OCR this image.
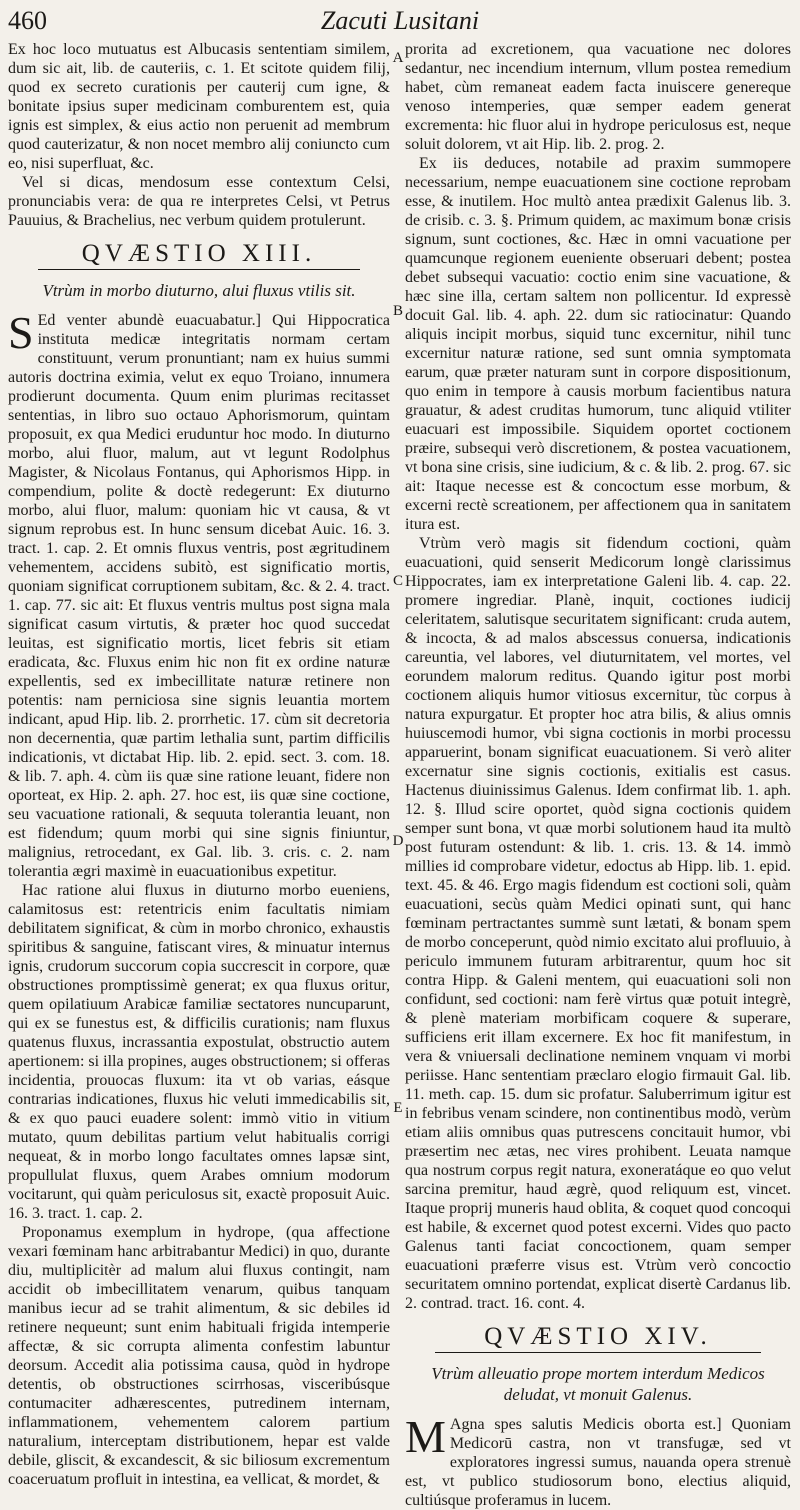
460	Zacuti Lusitani

Ex hoc loco mutuatus est Albucasis sententiam similem, dum sic ait, lib. de cauteriis, c. 1. Et scitote quidem filij, quod ex secreto curationis per cauterij cum igne, & bonitate ipsius super medicinam comburentem est, quia ignis est simplex, & eius actio non peruenit ad membrum quod cauterizatur, & non nocet membro alij coniuncto cum eo, nisi superfluat, &c.

Vel si dicas, mendosum esse contextum Celsi, pronunciabis vera: de qua re interpretes Celsi, vt Petrus Pauuius, & Brachelius, nec verbum quidem protulerunt.

QVÆSTIO XIII.
Vtrùm in morbo diuturno, alui fluxus vtilis sit.

S Ed venter abundè euacuabatur.] Qui Hippocratica instituta medicæ integritatis normam certam constituunt, verum pronuntiant; nam ex huius summi autoris doctrina eximia, velut ex equo Troiano, innumera prodierunt documenta. Quum enim plurimas recitasset sententias, in libro suo octauo Aphorismorum, quintam proposuit, ex qua Medici eruduntur hoc modo. In diuturno morbo, alui fluor, malum, aut vt legunt Rodolphus Magister, & Nicolaus Fontanus, qui Aphorismos Hipp. in compendium, polite & doctè redegerunt: Ex diuturno morbo, alui fluor, malum: quoniam hic vt causa, & vt signum reprobus est. In hunc sensum dicebat Auic. 16. 3. tract. 1. cap. 2. Et omnis fluxus ventris, post ægritudinem vehementem, accidens subitò, est significatio mortis, quoniam significat corruptionem subitam, &c. & 2. 4. tract. 1. cap. 77. sic ait: Et fluxus ventris multus post signa mala significat casum virtutis, & præter hoc quod succedat leuitas, est significatio mortis, licet febris sit etiam eradicata, &c. Fluxus enim hic non fit ex ordine naturæ expellentis, sed ex imbecillitate naturæ retinere non potentis: nam perniciosa sine signis leuantia mortem indicant, apud Hip. lib. 2. prorrhetic. 17. cùm sit decretoria non decernentia, quæ partim lethalia sunt, partim difficilis indicationis, vt dictabat Hip. lib. 2. epid. sect. 3. com. 18. & lib. 7. aph. 4. cùm iis quæ sine ratione leuant, fidere non oporteat, ex Hip. 2. aph. 27. hoc est, iis quæ sine coctione, seu vacuatione rationali, & sequuta tolerantia leuant, non est fidendum; quum morbi qui sine signis finiuntur, malignius, retrocedant, ex Gal. lib. 3. cris. c. 2. nam tolerantia ægri maximè in euacuationibus expetitur.

Hac ratione alui fluxus in diuturno morbo eueniens, calamitosus est: retentricis enim facultatis nimiam debilitatem significat, & cùm in morbo chronico, exhaustis spiritibus & sanguine, fatiscant vires, & minuatur internus ignis, crudorum succorum copia succrescit in corpore, quæ obstructiones promptissimè generat; ex qua fluxus oritur, quem opilatiuum Arabicæ familiæ sectatores nuncuparunt, qui ex se funestus est, & difficilis curationis; nam fluxus quatenus fluxus, incrassantia expostulat, obstructio autem apertionem: si illa propines, auges obstructionem; si offeras incidentia, prouocas fluxum: ita vt ob varias, eásque contrarias indicationes, fluxus hic veluti immedicabilis sit, & ex quo pauci euadere solent: immò vitio in vitium mutato, quum debilitas partium velut habitualis corrigi nequeat, & in morbo longo facultates omnes lapsæ sint, propullulat fluxus, quem Arabes omnium modorum vocitarunt, qui quàm periculosus sit, exactè proposuit Auic. 16. 3. tract. 1. cap. 2.

Proponamus exemplum in hydrope, (qua affectione vexari fœminam hanc arbitrabantur Medici) in quo, durante diu, multiplicitèr ad malum alui fluxus contingit, nam accidit ob imbecillitatem venarum, quibus tanquam manibus iecur ad se trahit alimentum, & sic debiles id retinere nequeunt; sunt enim habituali frigida intemperie affectæ, & sic corrupta alimenta confestim labuntur deorsum. Accedit alia potissima causa, quòd in hydrope detentis, ob obstructiones scirrhosas, visceribúsque contumaciter adhærescentes, putredinem internam, inflammationem, vehementem calorem partium naturalium, interceptam distributionem, hepar est valde debile, gliscit, & excandescit, & sic biliosum excrementum coaceruatum profluit in intestina, ea vellicat, & mordet, &

A
B
C
D
E

prorita ad excretionem, qua vacuatione nec dolores sedantur, nec incendium internum, vllum postea remedium habet, cùm remaneat eadem facta inuiscere genereque venoso intemperies, quæ semper eadem generat excrementa: hic fluor alui in hydrope periculosus est, neque soluit dolorem, vt ait Hip. lib. 2. prog. 2.

Ex iis deduces, notabile ad praxim summopere necessarium, nempe euacuationem sine coctione reprobam esse, & inutilem. Hoc multò antea prædixit Galenus lib. 3. de crisib. c. 3. §. Primum quidem, ac maximum bonæ crisis signum, sunt coctiones, &c. Hæc in omni vacuatione per quamcunque regionem eueniente obseruari debent; postea debet subsequi vacuatio: coctio enim sine vacuatione, & hæc sine illa, certam saltem non pollicentur. Id expressè docuit Gal. lib. 4. aph. 22. dum sic ratiocinatur: Quando aliquis incipit morbus, siquid tunc excernitur, nihil tunc excernitur naturæ ratione, sed sunt omnia symptomata earum, quæ præter naturam sunt in corpore dispositionum, quo enim in tempore à causis morbum facientibus natura grauatur, & adest cruditas humorum, tunc aliquid vtiliter euacuari est impossibile. Siquidem oportet coctionem præire, subsequi verò discretionem, & postea vacuationem, vt bona sine crisis, sine iudicium, & c. & lib. 2. prog. 67. sic ait: Itaque necesse est & concoctum esse morbum, & excerni rectè screationem, per affectionem qua in sanitatem itura est.

Vtrùm verò magis sit fidendum coctioni, quàm euacuationi, quid senserit Medicorum longè clarissimus Hippocrates, iam ex interpretatione Galeni lib. 4. cap. 22. promere ingrediar. Planè, inquit, coctiones iudicij celeritatem, salutisque securitatem significant: cruda autem, & incocta, & ad malos abscessus conuersa, indicationis careuntia, vel labores, vel diuturnitatem, vel mortes, vel eorundem malorum reditus. Quando igitur post morbi coctionem aliquis humor vitiosus excernitur, tùc corpus à natura expurgatur. Et propter hoc atra bilis, & alius omnis huiuscemodi humor, vbi signa coctionis in morbi processu apparuerint, bonam significat euacuationem. Si verò aliter excernatur sine signis coctionis, exitialis est casus. Hactenus diuinissimus Galenus. Idem confirmat lib. 1. aph. 12. §. Illud scire oportet, quòd signa coctionis quidem semper sunt bona, vt quæ morbi solutionem haud ita multò post futuram ostendunt: & lib. 1. cris. 13. & 14. immò millies id comprobare videtur, edoctus ab Hipp. lib. 1. epid. text. 45. & 46. Ergo magis fidendum est coctioni soli, quàm euacuationi, secùs quàm Medici opinati sunt, qui hanc fœminam pertractantes summè sunt lætati, & bonam spem de morbo conceperunt, quòd nimio excitato alui profluuio, à periculo immunem futuram arbitrarentur, quum hoc sit contra Hipp. & Galeni mentem, qui euacuationi soli non confidunt, sed coctioni: nam ferè virtus quæ potuit integrè, & plenè materiam morbificam coquere & superare, sufficiens erit illam excernere. Ex hoc fit manifestum, in vera & vniuersali declinatione neminem vnquam vi morbi periisse. Hanc sententiam præclaro elogio firmauit Gal. lib. 11. meth. cap. 15. dum sic profatur. Saluberrimum igitur est in febribus venam scindere, non continentibus modò, verùm etiam aliis omnibus quas putrescens concitauit humor, vbi præsertim nec ætas, nec vires prohibent. Leuata namque qua nostrum corpus regit natura, exoneratáque eo quo velut sarcina premitur, haud ægrè, quod reliquum est, vincet. Itaque proprij muneris haud oblita, & coquet quod concoqui est habile, & excernet quod potest excerni. Vides quo pacto Galenus tanti faciat concoctionem, quam semper euacuationi præferre visus est. Vtrùm verò concoctio securitatem omnino portendat, explicat disertè Cardanus lib. 2. contrad. tract. 16. cont. 4.

QVÆSTIO XIV.
Vtrùm alleuatio prope mortem interdum Medicos deludat, vt monuit Galenus.

M Agna spes salutis Medicis oborta est.] Quoniam Medicorū castra, non vt transfugæ, sed vt exploratores ingressi sumus, nauanda opera strenuè est, vt publico studiosorum bono, electius aliquid, cultiúsque proferamus in lucem.
